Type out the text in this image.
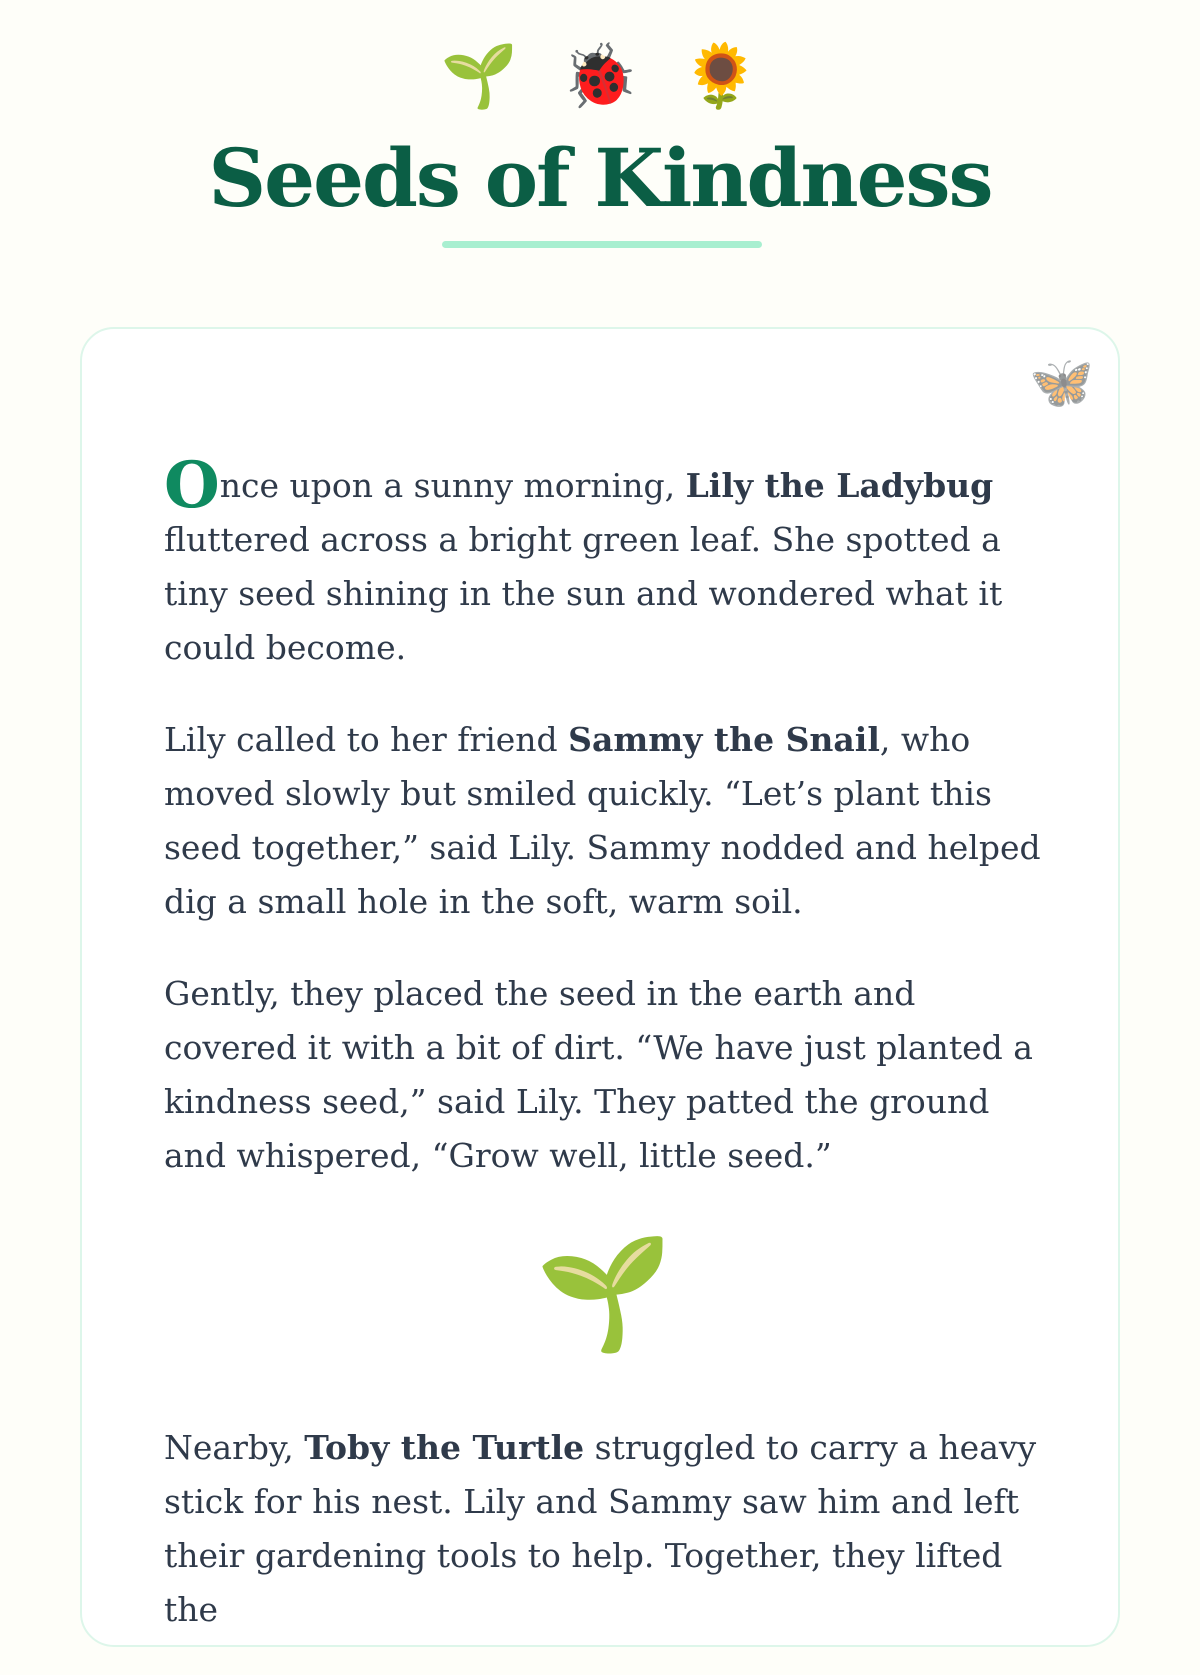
🌱 🐞 🌻
Seeds of Kindness
🦋

Once upon a sunny morning, Lily the Ladybug fluttered across a bright green leaf. She spotted a tiny seed shining in the sun and wondered what it could become.

Lily called to her friend Sammy the Snail, who moved slowly but smiled quickly. “Let’s plant this seed together,” said Lily. Sammy nodded and helped dig a small hole in the soft, warm soil.

Gently, they placed the seed in the earth and covered it with a bit of dirt. “We have just planted a kindness seed,” said Lily. They patted the ground and whispered, “Grow well, little seed.”

🌱

Nearby, Toby the Turtle struggled to carry a heavy stick for his nest. Lily and Sammy saw him and left their gardening tools to help. Together, they lifted the
